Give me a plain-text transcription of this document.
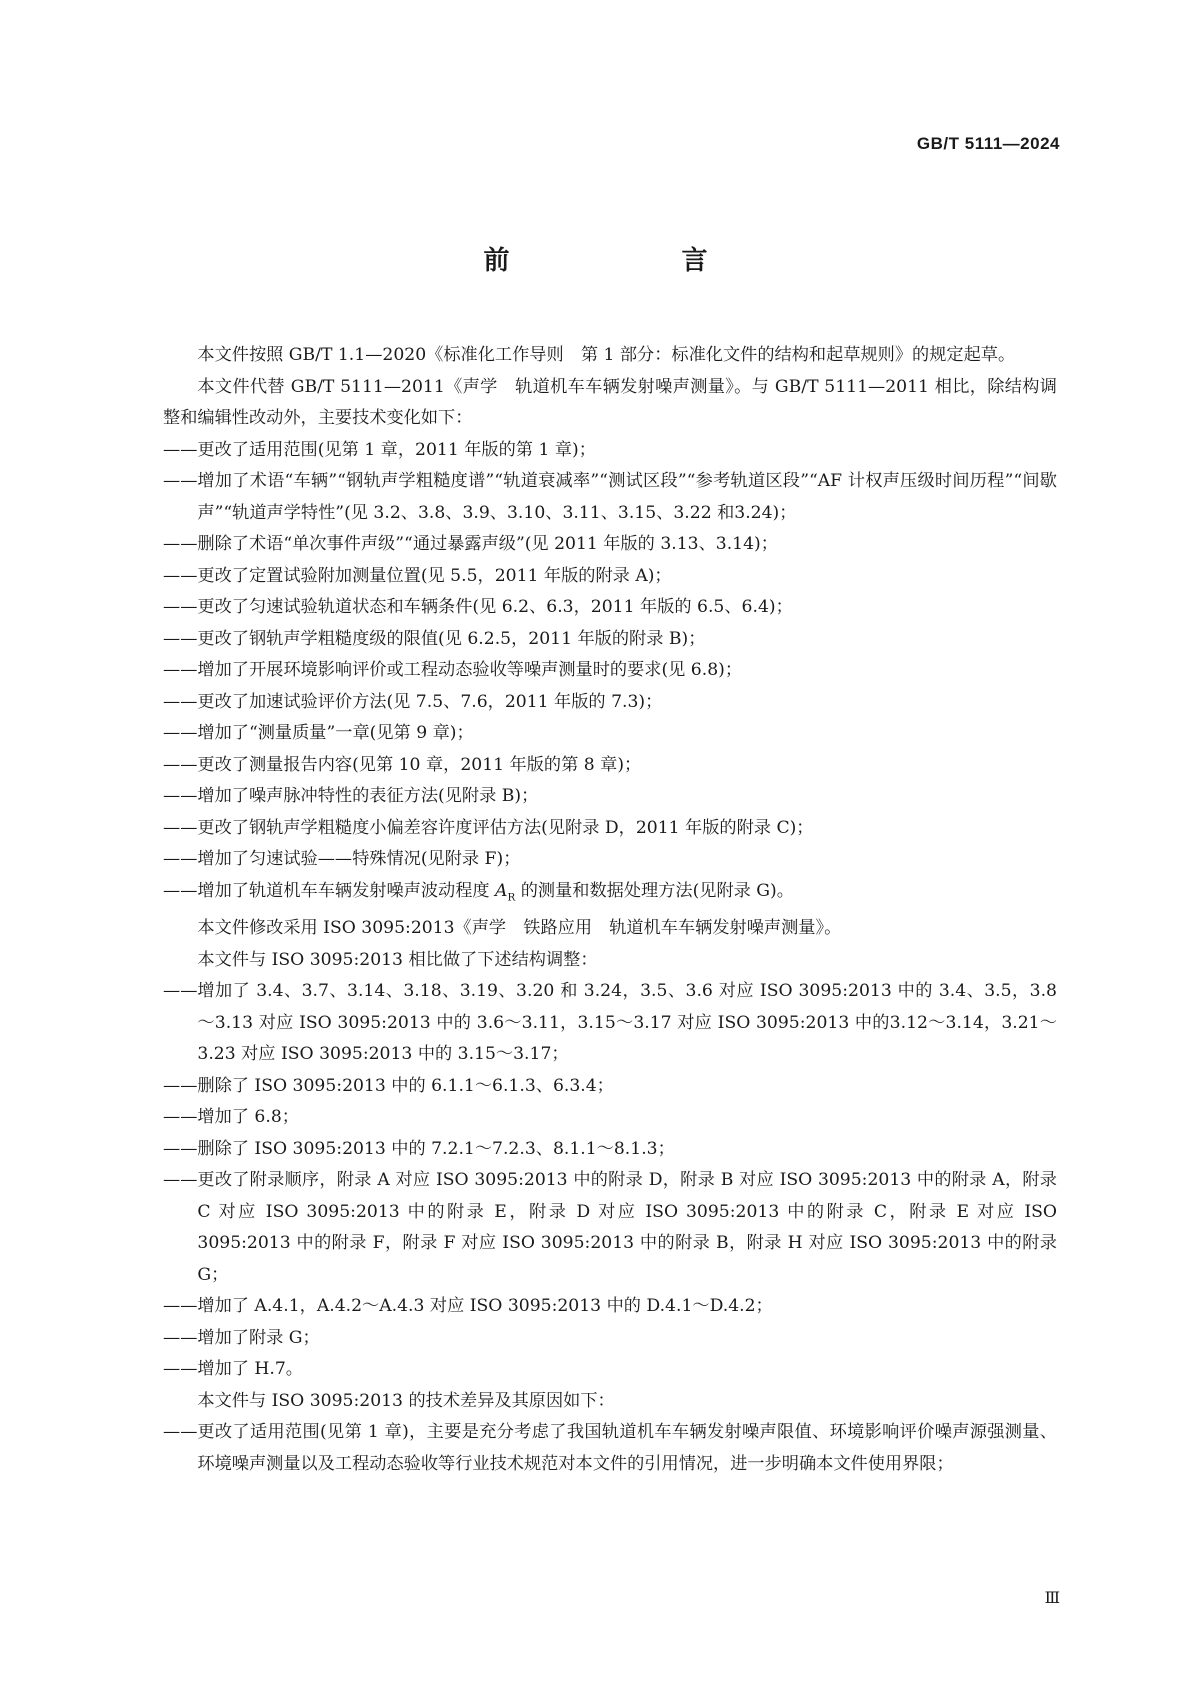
GB/T 5111—2024
前　　言

本文件按照 GB/T 1.1—2020《标准化工作导则　第 1 部分：标准化文件的结构和起草规则》的规定起草。

本文件代替 GB/T 5111—2011《声学　轨道机车车辆发射噪声测量》。与 GB/T 5111—2011 相比，除结构调整和编辑性改动外，主要技术变化如下：

—— 更改了适用范围(见第 1 章，2011 年版的第 1 章)；

—— 增加了术语“车辆”“钢轨声学粗糙度谱”“轨道衰减率”“测试区段”“参考轨道区段”“AF 计权声压级时间历程”“间歇声”“轨道声学特性”(见 3.2、3.8、3.9、3.10、3.11、3.15、3.22 和3.24)；

—— 删除了术语“单次事件声级”“通过暴露声级”(见 2011 年版的 3.13、3.14)；

—— 更改了定置试验附加测量位置(见 5.5，2011 年版的附录 A)；

—— 更改了匀速试验轨道状态和车辆条件(见 6.2、6.3，2011 年版的 6.5、6.4)；

—— 更改了钢轨声学粗糙度级的限值(见 6.2.5，2011 年版的附录 B)；

—— 增加了开展环境影响评价或工程动态验收等噪声测量时的要求(见 6.8)；

—— 更改了加速试验评价方法(见 7.5、7.6，2011 年版的 7.3)；

—— 增加了“测量质量”一章(见第 9 章)；

—— 更改了测量报告内容(见第 10 章，2011 年版的第 8 章)；

—— 增加了噪声脉冲特性的表征方法(见附录 B)；

—— 更改了钢轨声学粗糙度小偏差容许度评估方法(见附录 D，2011 年版的附录 C)；

—— 增加了匀速试验——特殊情况(见附录 F)；

—— 增加了轨道机车车辆发射噪声波动程度 $A_R$ 的测量和数据处理方法(见附录 G)。

本文件修改采用 ISO 3095:2013《声学　铁路应用　轨道机车车辆发射噪声测量》。

本文件与 ISO 3095:2013 相比做了下述结构调整：

—— 增加了 3.4、3.7、3.14、3.18、3.19、3.20 和 3.24，3.5、3.6 对应 ISO 3095:2013 中的 3.4、3.5，3.8～3.13 对应 ISO 3095:2013 中的 3.6～3.11，3.15～3.17 对应 ISO 3095:2013 中的3.12～3.14，3.21～3.23 对应 ISO 3095:2013 中的 3.15～3.17；

—— 删除了 ISO 3095:2013 中的 6.1.1～6.1.3、6.3.4；

—— 增加了 6.8；

—— 删除了 ISO 3095:2013 中的 7.2.1～7.2.3、8.1.1～8.1.3；

—— 更改了附录顺序，附录 A 对应 ISO 3095:2013 中的附录 D，附录 B 对应 ISO 3095:2013 中的附录 A，附录 C 对应 ISO 3095:2013 中的附录 E，附录 D 对应 ISO 3095:2013 中的附录 C，附录 E 对应 ISO 3095:2013 中的附录 F，附录 F 对应 ISO 3095:2013 中的附录 B，附录 H 对应 ISO 3095:2013 中的附录 G；

—— 增加了 A.4.1，A.4.2～A.4.3 对应 ISO 3095:2013 中的 D.4.1～D.4.2；

—— 增加了附录 G；

—— 增加了 H.7。

本文件与 ISO 3095:2013 的技术差异及其原因如下：

—— 更改了适用范围(见第 1 章)，主要是充分考虑了我国轨道机车车辆发射噪声限值、环境影响评价噪声源强测量、环境噪声测量以及工程动态验收等行业技术规范对本文件的引用情况，进一步明确本文件使用界限；

Ⅲ
